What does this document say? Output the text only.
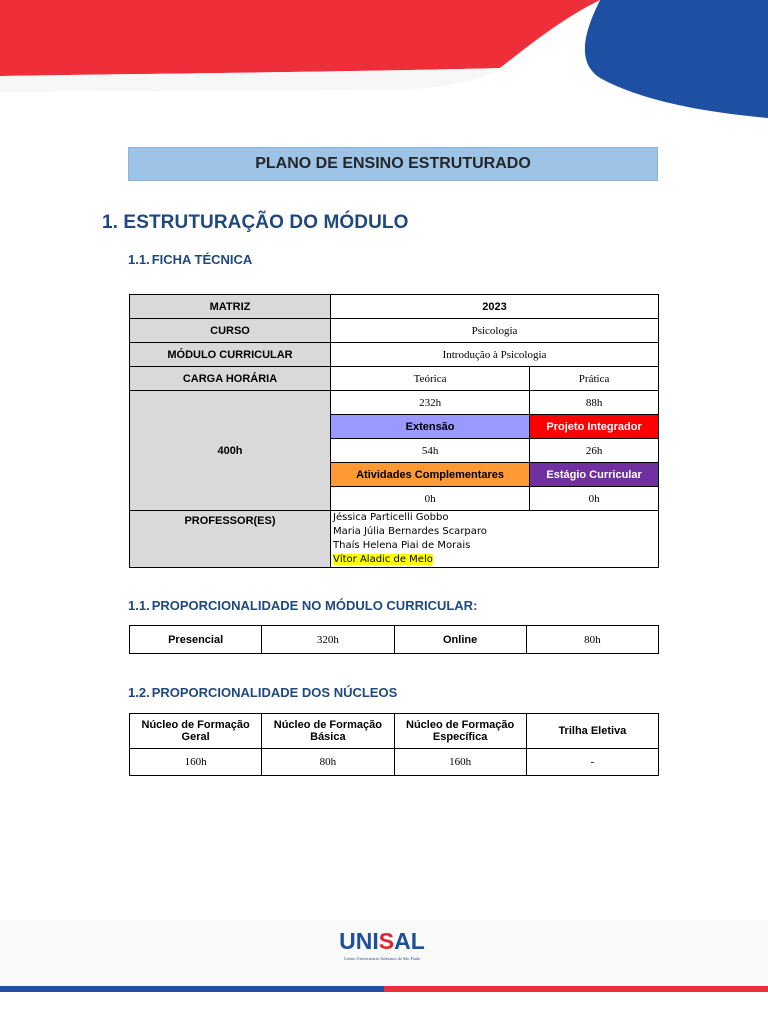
PLANO DE ENSINO ESTRUTURADO
1. ESTRUTURAÇÃO DO MÓDULO
1.1. FICHA TÉCNICA
MATRIZ	2023	
CURSO	Psicologia	
MÓDULO CURRICULAR	Introdução à Psicologia	
CARGA HORÁRIA	Teórica	Prática
400h	232h	88h
	Extensão	Projeto Integrador
	54h	26h
	Atividades Complementares	Estágio Curricular
	0h	0h
PROFESSOR(ES)	Jéssica Particelli Gobbo
Maria Júlia Bernardes Scarparo
Thaís Helena Piai de Morais
Vítor Aladic de Melo	
1.1. PROPORCIONALIDADE NO MÓDULO CURRICULAR:
Presencial	320h	Online	80h
1.2. PROPORCIONALIDADE DOS NÚCLEOS
Núcleo de Formação Geral	Núcleo de Formação Básica	Núcleo de Formação Específica	Trilha Eletiva
160h	80h	160h	-
UNISAL
Centro Universitário Salesiano de São Paulo
